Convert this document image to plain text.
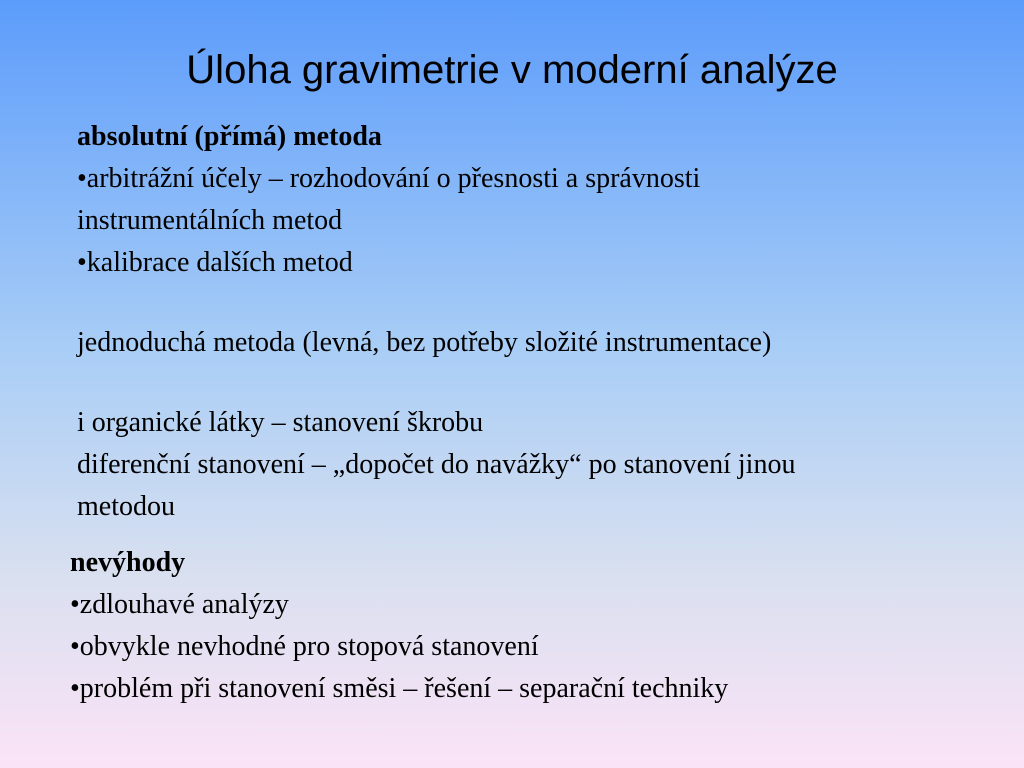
Úloha gravimetrie v moderní analýze
absolutní (přímá) metoda
•arbitrážní účely – rozhodování o přesnosti a správnosti
instrumentálních metod
•kalibrace dalších metod
jednoduchá metoda (levná, bez potřeby složité instrumentace)
i organické látky – stanovení škrobu
diferenční stanovení – „dopočet do navážky“ po stanovení jinou
metodou
nevýhody
•zdlouhavé analýzy
•obvykle nevhodné pro stopová stanovení
•problém při stanovení směsi – řešení – separační techniky
